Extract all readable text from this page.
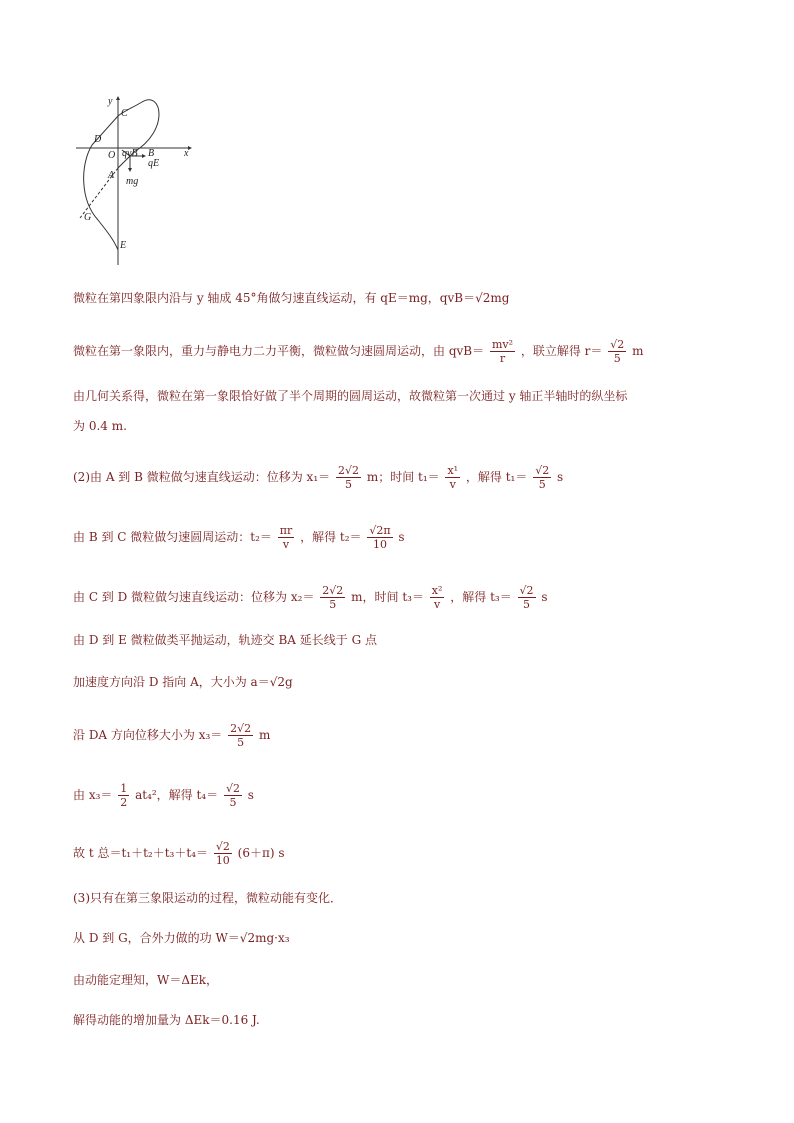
y
C
D
O qvB B	x
qE
A
mg
G
E
微粒在第四象限内沿与 y 轴成 45°角做匀速直线运动，有 qE＝mg，qvB＝√2mg
微粒在第一象限内，重力与静电力二力平衡，微粒做匀速圆周运动，由 $qvB= \frac{\text{mv²}}{r}$ ，联立解得 $r= \frac{√2}{5}$ m
由几何关系得，微粒在第一象限恰好做了半个周期的圆周运动，故微粒第一次通过 y 轴正半轴时的纵坐标
为 0.4 m.
(2)由 A 到 B 微粒做匀速直线运动：位移为 $x_1= \frac{2√2}{5}$ m；时间 $t_1= \frac{\text{x¹}}{v}$ ，解得 $t_1= \frac{√2}{5}$ s
由 B 到 C 微粒做匀速圆周运动：$t_2= \frac{\pi r}{v}$ ，解得 $t_2= \frac{√2\pi}{10}$ s
由 C 到 D 微粒做匀速直线运动：位移为 $x_2= \frac{2√2}{5}$ m，时间 $t_3= \frac{\text{x²}}{v}$ ，解得 $t_3= \frac{√2}{5}$ s
由 D 到 E 微粒做类平抛运动，轨迹交 BA 延长线于 G 点
加速度方向沿 D 指向 A，大小为 a＝√2g
沿 DA 方向位移大小为 $x_3= \frac{2√2}{5}$ m
由 $x_3= \frac{1}{2} at_4^2$，解得 $t_4= \frac{√2}{5}$ s
故 t 总$=t_1+t_2+t_3+t_4= \frac{√2}{10} (6+\pi)$ s
(3)只有在第三象限运动的过程，微粒动能有变化．
从 D 到 G，合外力做的功 W＝√2mg·x₃
由动能定理知，W＝ΔEk，
解得动能的增加量为 ΔEk＝0.16 J.
